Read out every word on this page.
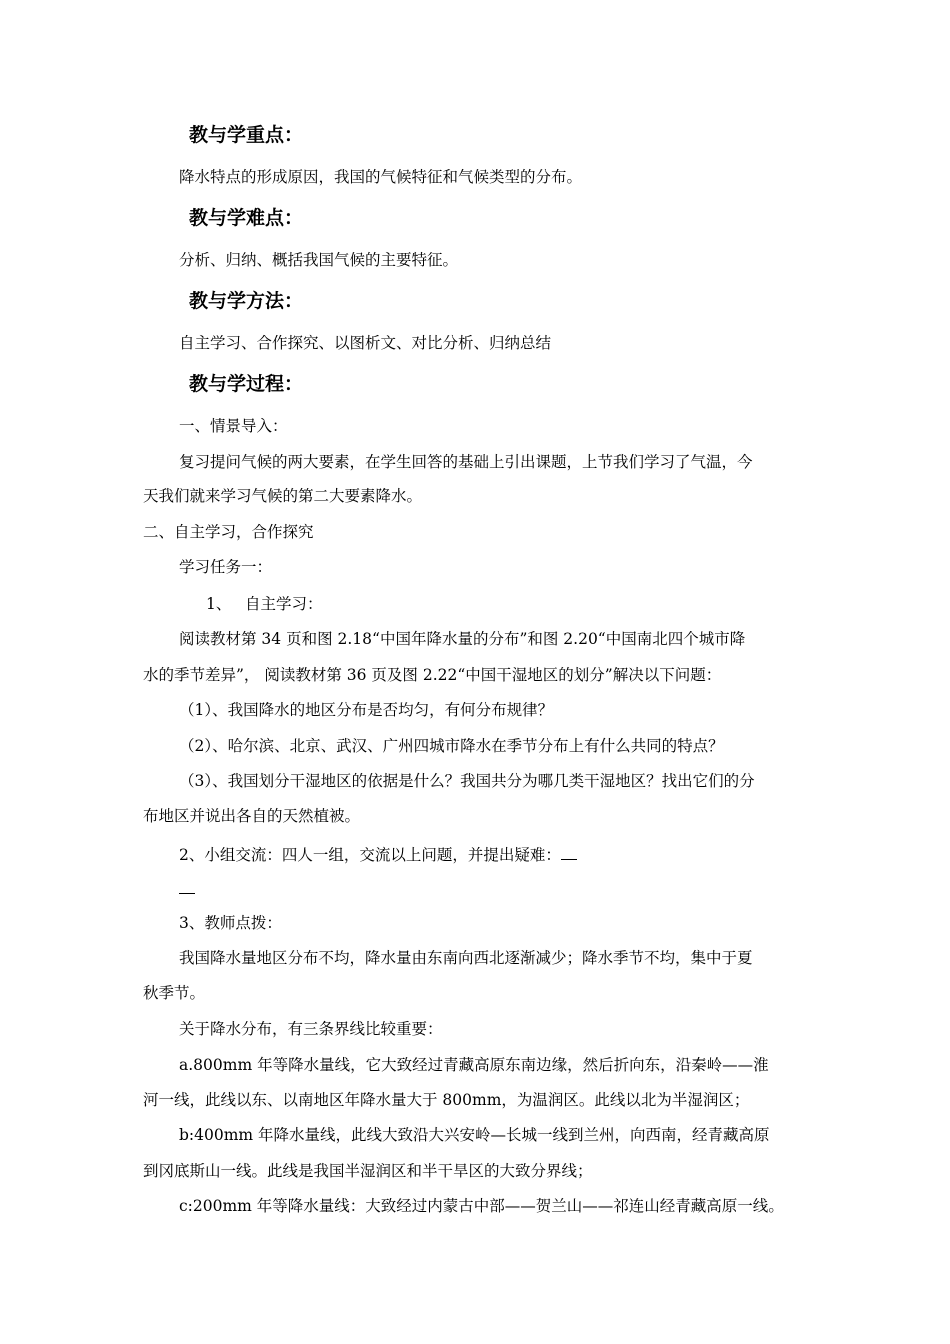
教与学重点：
降水特点的形成原因，我国的气候特征和气候类型的分布。
教与学难点：
分析、归纳、概括我国气候的主要特征。
教与学方法：
自主学习、合作探究、以图析文、对比分析、归纳总结
教与学过程：
一、情景导入：
复习提问气候的两大要素，在学生回答的基础上引出课题，上节我们学习了气温，今
天我们就来学习气候的第二大要素降水。
二、自主学习，合作探究
学习任务一：
1、 自主学习：
阅读教材第 34 页和图 2.18“中国年降水量的分布”和图 2.20“中国南北四个城市降
水的季节差异”， 阅读教材第 36 页及图 2.22“中国干湿地区的划分”解决以下问题：
（1）、我国降水的地区分布是否均匀，有何分布规律？
（2）、哈尔滨、北京、武汉、广州四城市降水在季节分布上有什么共同的特点？
（3）、我国划分干湿地区的依据是什么？我国共分为哪几类干湿地区？找出它们的分
布地区并说出各自的天然植被。
2、小组交流：四人一组，交流以上问题，并提出疑难：
3、教师点拨：
我国降水量地区分布不均，降水量由东南向西北逐渐减少；降水季节不均，集中于夏
秋季节。
关于降水分布，有三条界线比较重要：
a.800mm 年等降水量线，它大致经过青藏高原东南边缘，然后折向东，沿秦岭——淮
河一线，此线以东、以南地区年降水量大于 800mm，为温润区。此线以北为半湿润区；
b:400mm 年降水量线，此线大致沿大兴安岭—长城一线到兰州，向西南，经青藏高原
到冈底斯山一线。此线是我国半湿润区和半干旱区的大致分界线；
c:200mm 年等降水量线：大致经过内蒙古中部——贺兰山——祁连山经青藏高原一线。
